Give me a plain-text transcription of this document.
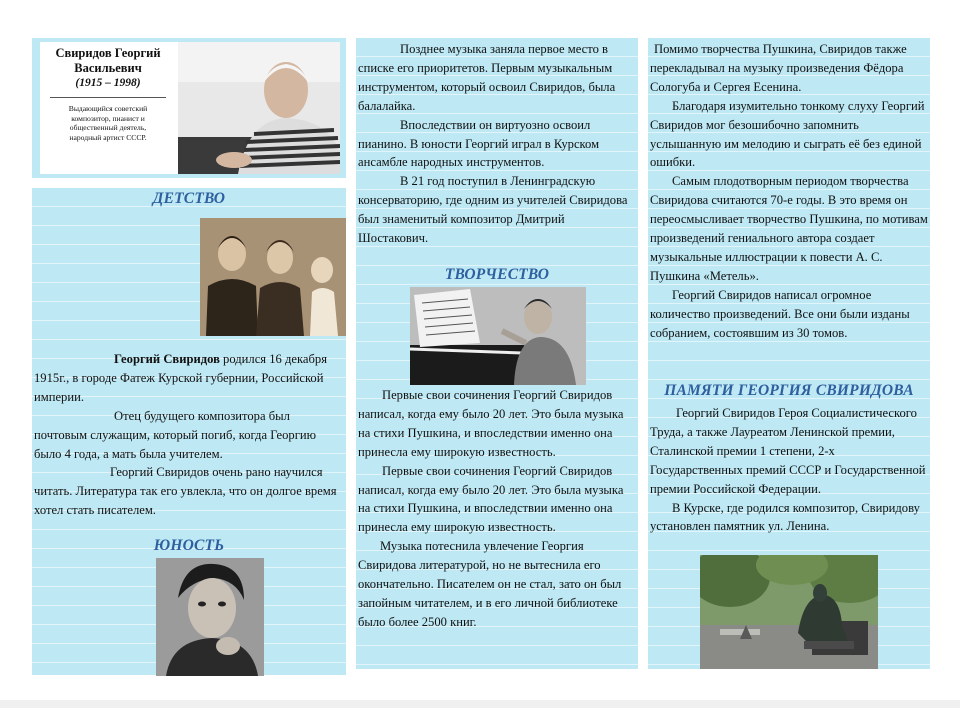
Свиридов Георгий
Васильевич
(1915 – 1998)
Выдающийся советский композитор, пианист и общественный деятель, народный артист СССР.

ДЕТСТВО

Георгий Свиридов родился 16 декабря 1915г., в городе Фатеж Курской губернии, Российской империи.

Отец будущего композитора был почтовым служащим, который погиб, когда Георгию было 4 года, а мать была учителем.

Георгий Свиридов очень рано научился читать. Литература так его увлекла, что он долгое время хотел стать писателем.

ЮНОСТЬ

Позднее музыка заняла первое место в списке его приоритетов. Первым музыкальным инструментом, который освоил Свиридов, была балалайка.

Впоследствии он виртуозно освоил пианино. В юности Георгий играл в Курском ансамбле народных инструментов.

В 21 год поступил в Ленинградскую консерваторию, где одним из учителей Свиридова был знаменитый композитор Дмитрий Шостакович.

ТВОРЧЕСТВО

Первые свои сочинения Георгий Свиридов написал, когда ему было 20 лет. Это была музыка на стихи Пушкина, и впоследствии именно она принесла ему широкую известность.

Первые свои сочинения Георгий Свиридов написал, когда ему было 20 лет. Это была музыка на стихи Пушкина, и впоследствии именно она принесла ему широкую известность.

Музыка потеснила увлечение Георгия Свиридова литературой, но не вытеснила его окончательно. Писателем он не стал, зато он был запойным читателем, и в его личной библиотеке было более 2500 книг.

Помимо творчества Пушкина, Свиридов также перекладывал на музыку произведения Фёдора Сологуба и Сергея Есенина.

Благодаря изумительно тонкому слуху Георгий Свиридов мог безошибочно запомнить услышанную им мелодию и сыграть её без единой ошибки.

Самым плодотворным периодом творчества Свиридова считаются 70-е годы. В это время он переосмысливает творчество Пушкина, по мотивам произведений гениального автора создает музыкальные иллюстрации к повести А. С. Пушкина «Метель».

Георгий Свиридов написал огромное количество произведений. Все они были изданы собранием, состоявшим из 30 томов.

ПАМЯТИ ГЕОРГИЯ СВИРИДОВА

Георгий Свиридов Героя Социалистического Труда, а также Лауреатом Ленинской премии, Сталинской премии 1 степени, 2-х Государственных премий СССР и Государственной премии Российской Федерации.

В Курске, где родился композитор, Свиридову установлен памятник ул. Ленина.
